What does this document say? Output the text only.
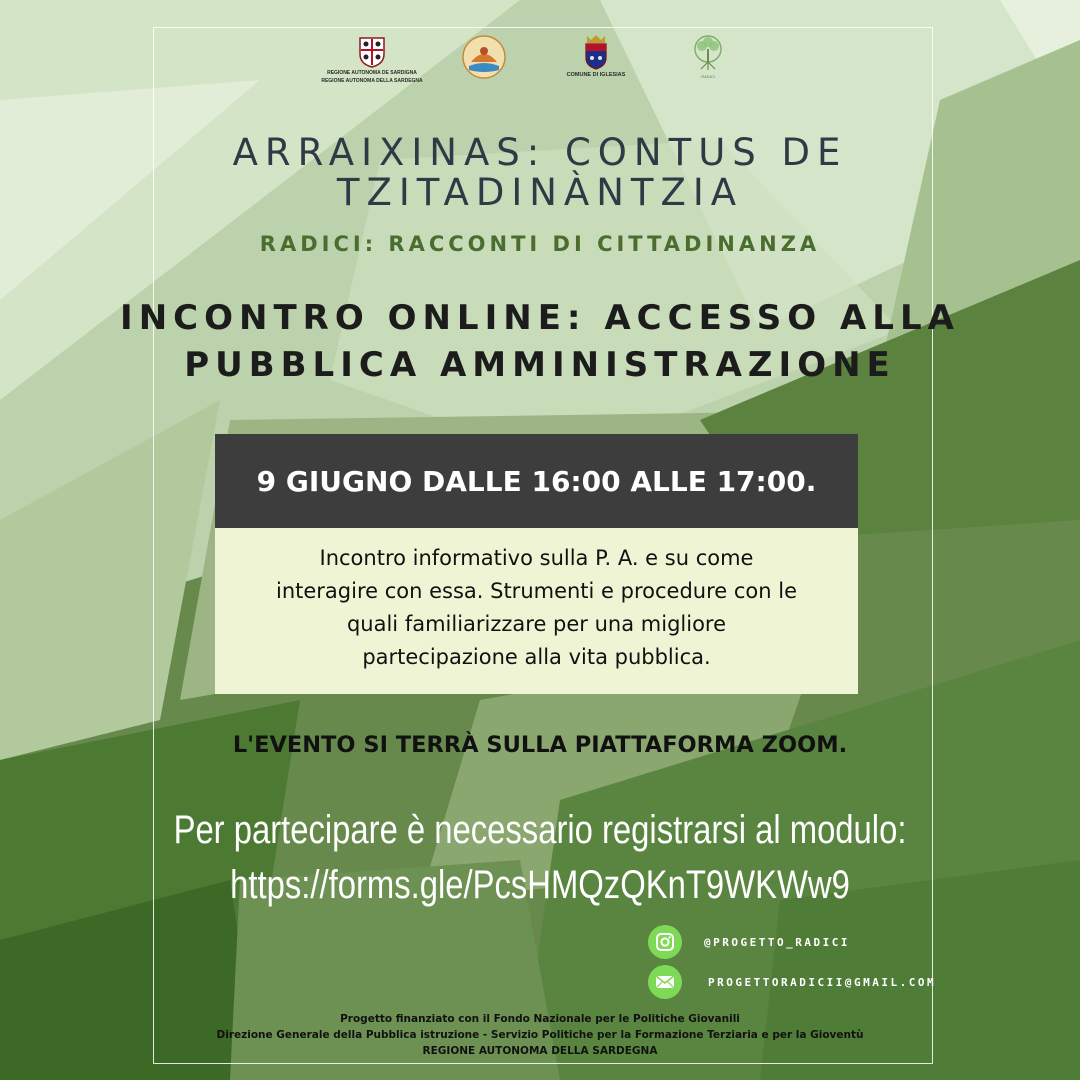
REGIONE AUTONOMA DE SARDIGNA
REGIONE AUTONOMA DELLA SARDEGNA
COMUNE DI IGLESIAS	RADICI
ARRAIXINAS: CONTUS DE
TZITADINÀNTZIA
RADICI: RACCONTI DI CITTADINANZA
INCONTRO ONLINE: ACCESSO ALLA
PUBBLICA AMMINISTRAZIONE
9 GIUGNO DALLE 16:00 ALLE 17:00.
Incontro informativo sulla P. A. e su come
interagire con essa. Strumenti e procedure con le
quali familiarizzare per una migliore
partecipazione alla vita pubblica.
L'EVENTO SI TERRÀ SULLA PIATTAFORMA ZOOM.
Per partecipare è necessario registrarsi al modulo:
https://forms.gle/PcsHMQzQKnT9WKWw9
@PROGETTO_RADICI
PROGETTORADICII@GMAIL.COM
Progetto finanziato con il Fondo Nazionale per le Politiche Giovanili
Direzione Generale della Pubblica istruzione - Servizio Politiche per la Formazione Terziaria e per la Gioventù
REGIONE AUTONOMA DELLA SARDEGNA
